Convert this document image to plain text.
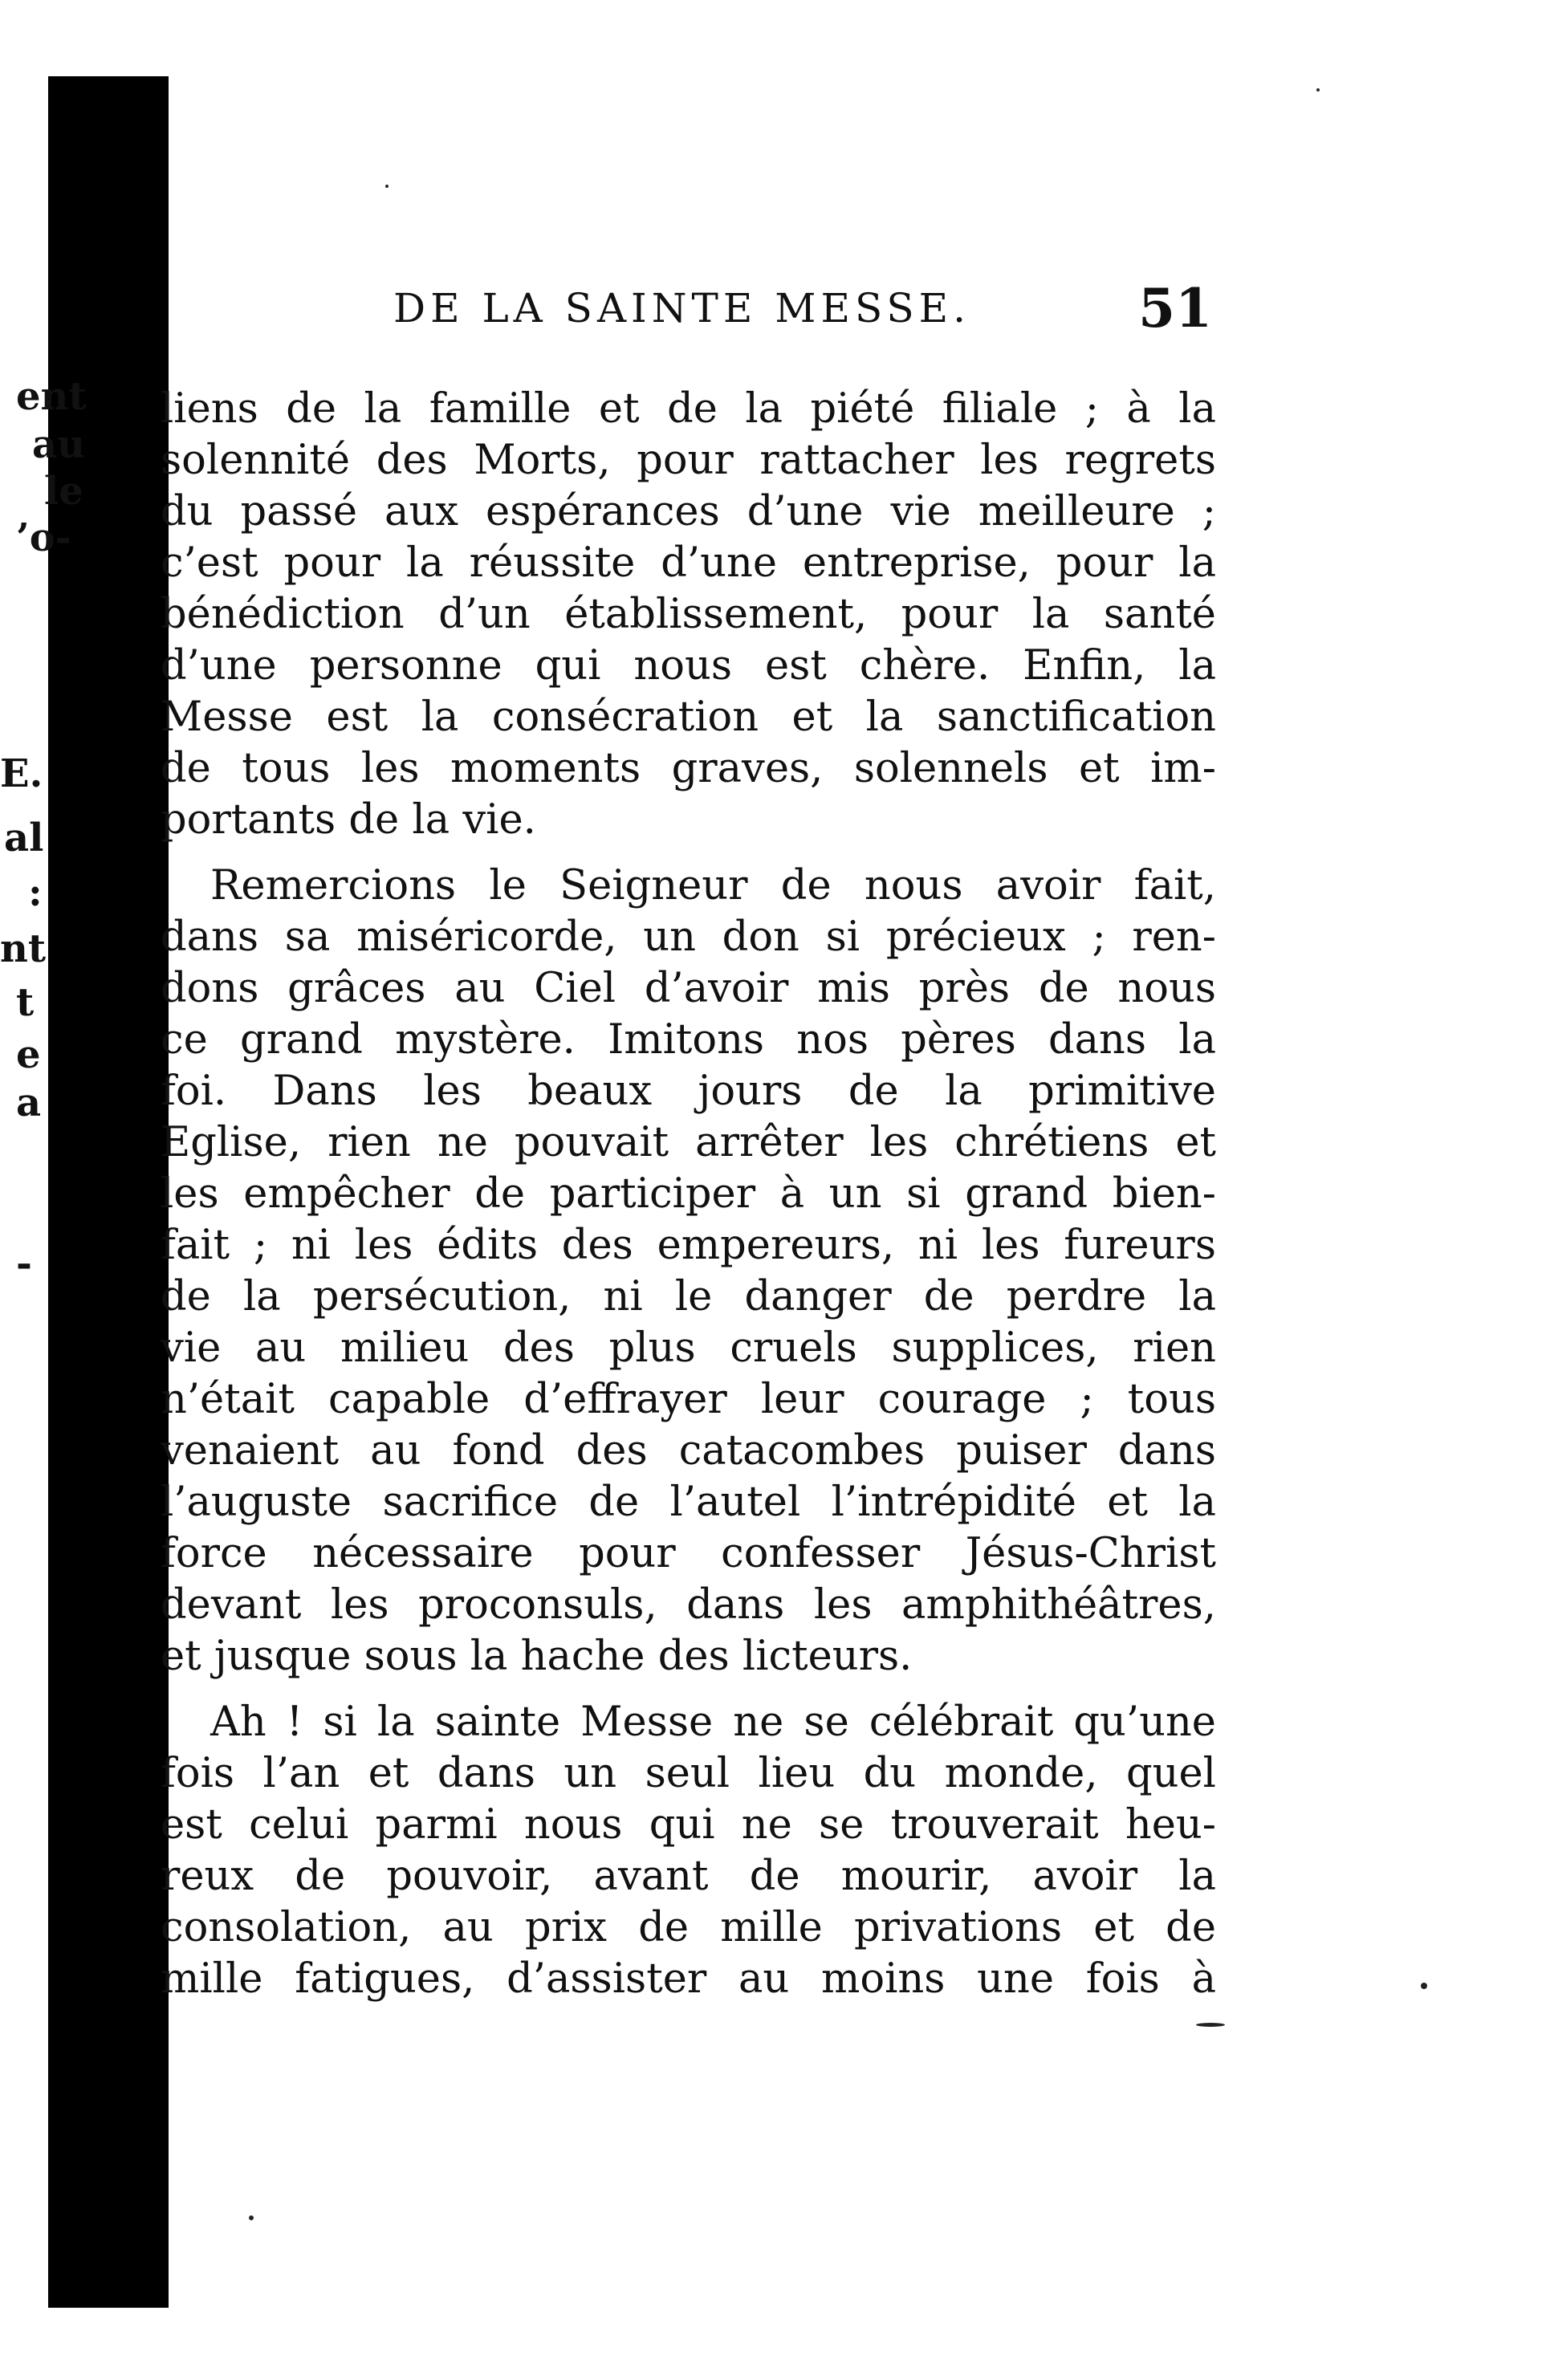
ent
au
le
’o-
E.
al
:
nt
t
e
a
-
DE LA SAINTE MESSE.	51
liens de la famille et de la piété filiale ; à la
solennité des Morts, pour rattacher les regrets
du passé aux espérances d’une vie meilleure ;
c’est pour la réussite d’une entreprise, pour la
bénédiction d’un établissement, pour la santé
d’une personne qui nous est chère. Enfin, la
Messe est la consécration et la sanctification
de tous les moments graves, solennels et im-
portants de la vie.
Remercions le Seigneur de nous avoir fait,
dans sa miséricorde, un don si précieux ; ren-
dons grâces au Ciel d’avoir mis près de nous
ce grand mystère. Imitons nos pères dans la
foi. Dans les beaux jours de la primitive
Eglise, rien ne pouvait arrêter les chrétiens et
les empêcher de participer à un si grand bien-
fait ; ni les édits des empereurs, ni les fureurs
de la persécution, ni le danger de perdre la
vie au milieu des plus cruels supplices, rien
n’était capable d’effrayer leur courage ; tous
venaient au fond des catacombes puiser dans
l’auguste sacrifice de l’autel l’intrépidité et la
force nécessaire pour confesser Jésus-Christ
devant les proconsuls, dans les amphithéâtres,
et jusque sous la hache des licteurs.
Ah ! si la sainte Messe ne se célébrait qu’une
fois l’an et dans un seul lieu du monde, quel
est celui parmi nous qui ne se trouverait heu-
reux de pouvoir, avant de mourir, avoir la
consolation, au prix de mille privations et de
mille fatigues, d’assister au moins une fois à
